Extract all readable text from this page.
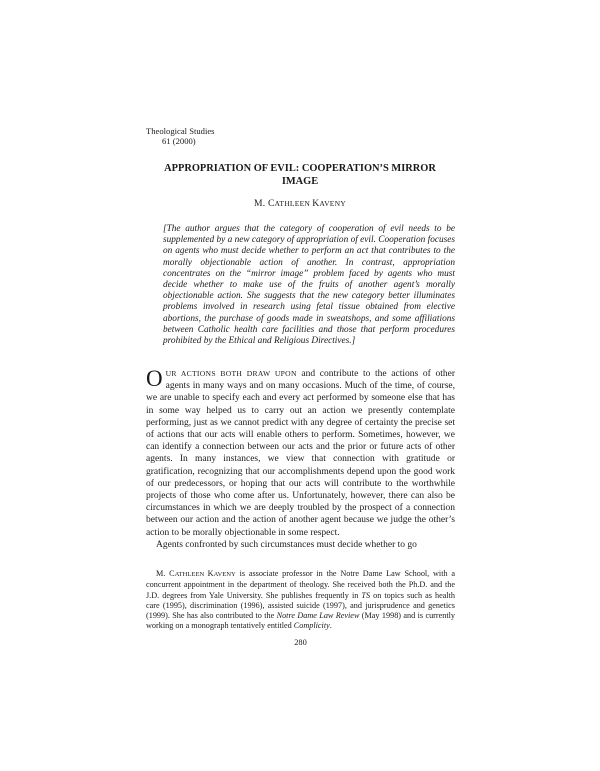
Theological Studies
61 (2000)
APPROPRIATION OF EVIL: COOPERATION’S MIRROR IMAGE
M. CATHLEEN KAVENY
[The author argues that the category of cooperation of evil needs to be supplemented by a new category of appropriation of evil. Cooperation focuses on agents who must decide whether to perform an act that contributes to the morally objectionable action of another. In contrast, appropriation concentrates on the “mirror image” problem faced by agents who must decide whether to make use of the fruits of another agent’s morally objectionable action. She suggests that the new category better illuminates problems involved in research using fetal tissue obtained from elective abortions, the purchase of goods made in sweatshops, and some affiliations between Catholic health care facilities and those that perform procedures prohibited by the Ethical and Religious Directives.]

OUR ACTIONS BOTH DRAW UPON and contribute to the actions of other agents in many ways and on many occasions. Much of the time, of course, we are unable to specify each and every act performed by someone else that has in some way helped us to carry out an action we presently contemplate performing, just as we cannot predict with any degree of certainty the precise set of actions that our acts will enable others to perform. Sometimes, however, we can identify a connection between our acts and the prior or future acts of other agents. In many instances, we view that connection with gratitude or gratification, recognizing that our accomplishments depend upon the good work of our predecessors, or hoping that our acts will contribute to the worthwhile projects of those who come after us. Unfortunately, however, there can also be circumstances in which we are deeply troubled by the prospect of a connection between our action and the action of another agent because we judge the other’s action to be morally objectionable in some respect.

Agents confronted by such circumstances must decide whether to go

M. CATHLEEN KAVENY is associate professor in the Notre Dame Law School, with a concurrent appointment in the department of theology. She received both the Ph.D. and the J.D. degrees from Yale University. She publishes frequently in TS on topics such as health care (1995), discrimination (1996), assisted suicide (1997), and jurisprudence and genetics (1999). She has also contributed to the Notre Dame Law Review (May 1998) and is currently working on a monograph tentatively entitled Complicity.
280
